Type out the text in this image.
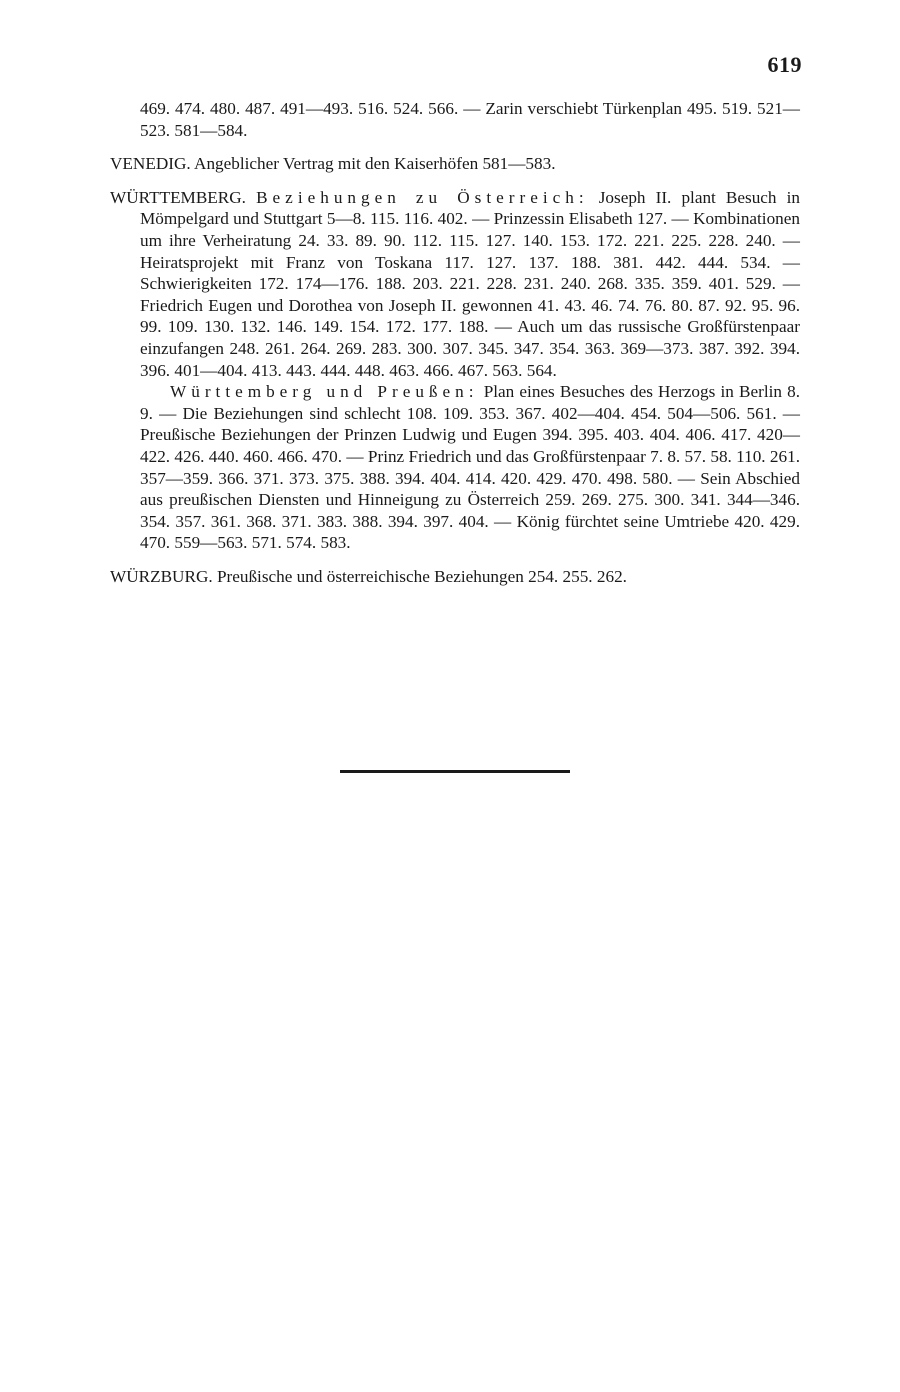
619

469. 474. 480. 487. 491—493. 516. 524. 566. — Zarin verschiebt Türkenplan 495. 519. 521—523. 581—584.

VENEDIG. Angeblicher Vertrag mit den Kaiserhöfen 581—583.

WÜRTTEMBERG. Beziehungen zu Österreich: Joseph II. plant Besuch in Mömpelgard und Stuttgart 5—8. 115. 116. 402. — Prinzessin Elisabeth 127. — Kombinationen um ihre Verheiratung 24. 33. 89. 90. 112. 115. 127. 140. 153. 172. 221. 225. 228. 240. — Heiratsprojekt mit Franz von Toskana 117. 127. 137. 188. 381. 442. 444. 534. — Schwierigkeiten 172. 174—176. 188. 203. 221. 228. 231. 240. 268. 335. 359. 401. 529. — Friedrich Eugen und Dorothea von Joseph II. gewonnen 41. 43. 46. 74. 76. 80. 87. 92. 95. 96. 99. 109. 130. 132. 146. 149. 154. 172. 177. 188. — Auch um das russische Großfürstenpaar einzufangen 248. 261. 264. 269. 283. 300. 307. 345. 347. 354. 363. 369—373. 387. 392. 394. 396. 401—404. 413. 443. 444. 448. 463. 466. 467. 563. 564.

Württemberg und Preußen: Plan eines Besuches des Herzogs in Berlin 8. 9. — Die Beziehungen sind schlecht 108. 109. 353. 367. 402—404. 454. 504—506. 561. — Preußische Beziehungen der Prinzen Ludwig und Eugen 394. 395. 403. 404. 406. 417. 420—422. 426. 440. 460. 466. 470. — Prinz Friedrich und das Großfürstenpaar 7. 8. 57. 58. 110. 261. 357—359. 366. 371. 373. 375. 388. 394. 404. 414. 420. 429. 470. 498. 580. — Sein Abschied aus preußischen Diensten und Hinneigung zu Österreich 259. 269. 275. 300. 341. 344—346. 354. 357. 361. 368. 371. 383. 388. 394. 397. 404. — König fürchtet seine Umtriebe 420. 429. 470. 559—563. 571. 574. 583.

WÜRZBURG. Preußische und österreichische Beziehungen 254. 255. 262.
